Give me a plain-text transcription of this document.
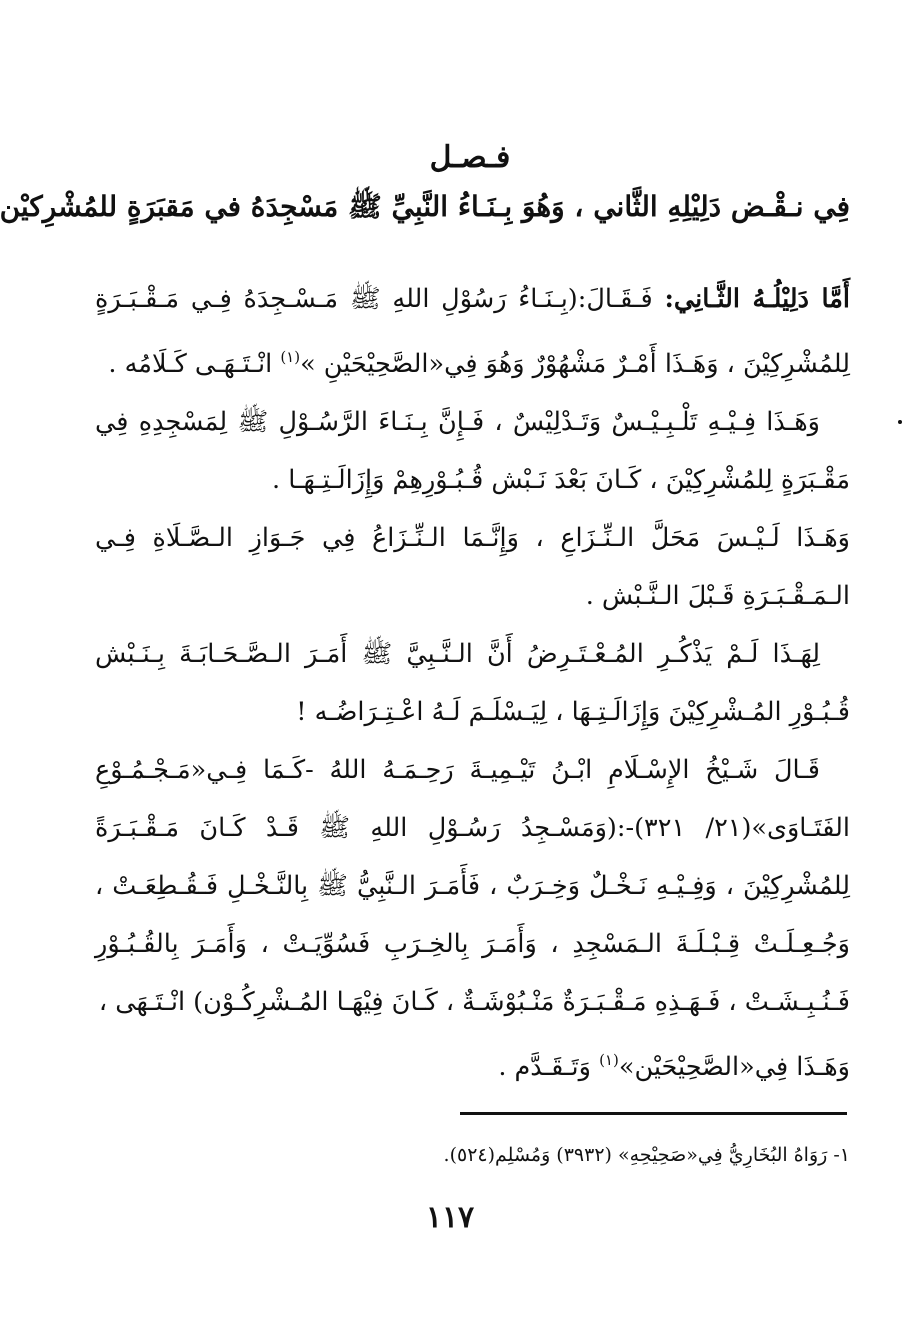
فـصـل
فِي نـقْـض دَلِيْلِهِ الثَّاني ، وَهُوَ بِـنَـاءُ النَّبِيِّ ﷺ مَسْجِدَهُ في مَقبَرَةٍ للمُشْرِكيْن

أَمَّا دَلِيْلُـهُ الثَّـانِي: فَـقَـالَ:(بِـنَـاءُ رَسُوْلِ اللهِ ﷺ مَـسْـجِدَهُ فِـي مَـقْـبَـرَةٍ لِلمُشْرِكِيْنَ ، وَهَـذَا أَمْـرٌ مَشْهُوْرٌ وَهُوَ فِي«الصَّحِيْحَيْنِ »$^{(١)}$ انْـتَـهَـى كَـلَامُه .

وَهَـذَا فِـيْـهِ تَلْـبِـيْـسٌ وَتَـدْلِيْسٌ ، فَـإِنَّ بِـنَـاءَ الرَّسُـوْلِ ﷺ لِمَسْجِدِهِ فِي مَقْـبَرَةٍ لِلمُشْرِكِيْنَ ، كَـانَ بَعْدَ نَـبْش قُـبُـوْرِهِمْ وَإِزَالَـتِـهَـا .

وَهَـذَا لَـيْـسَ مَحَلَّ الـنِّـزَاعِ ، وَإِنَّـمَا الـنِّـزَاعُ فِي جَـوَازِ الـصَّـلَاةِ فِـي الـمَـقْـبَـرَةِ قَـبْلَ الـنَّـبْش .

لِهَـذَا لَـمْ يَذْكُـرِ المُـعْـتَـرِضُ أَنَّ الـنَّـبِيَّ ﷺ أَمَـرَ الـصَّـحَـابَـةَ بِـنَـبْش قُـبُـوْرِ المُـشْرِكِيْنَ وَإِزَالَـتِـهَا ، لِيَـسْلَـمَ لَـهُ اعْـتِـرَاضُـه !

قَـالَ شَـيْخُ الإِسْـلَامِ ابْـنُ تَيْـمِيـةَ رَحِـمَـهُ اللهُ -كَـمَا فِـي«مَـجْـمُـوْعِ الفَتَـاوَى»(٢١/ ٣٢١)-:(وَمَسْـجِدُ رَسُـوْلِ اللهِ ﷺ قَـدْ كَـانَ مَـقْـبَـرَةً لِلمُشْرِكِيْنَ ، وَفِـيْـهِ نَـخْـلٌ وَخِـرَبٌ ، فَأَمَـرَ الـنَّبِيُّ ﷺ بِالنَّـخْـلِ فَـقُـطِعَـتْ ، وَجُـعِـلَـتْ قِـبْـلَـةَ الـمَسْجِدِ ، وَأَمَـرَ بِالخِـرَبِ فَسُوِّيَـتْ ، وَأَمَـرَ بِالقُـبُـوْرِ فَـنُـبِـشَـتْ ، فَـهَـذِهِ مَـقْـبَـرَةٌ مَنْـبُوْشَـةٌ ، كَـانَ فِيْهَـا المُـشْرِكُـوْن) انْـتَـهَى ،

وَهَـذَا فِي«الصَّحِيْحَيْن»$^{(١)}$ وَتَـقَـدَّم .

١- رَوَاهُ البُخَارِيُّ فِي«صَحِيْحِهِ» (٣٩٣٢) وَمُسْلِم(٥٢٤).

١١٧
